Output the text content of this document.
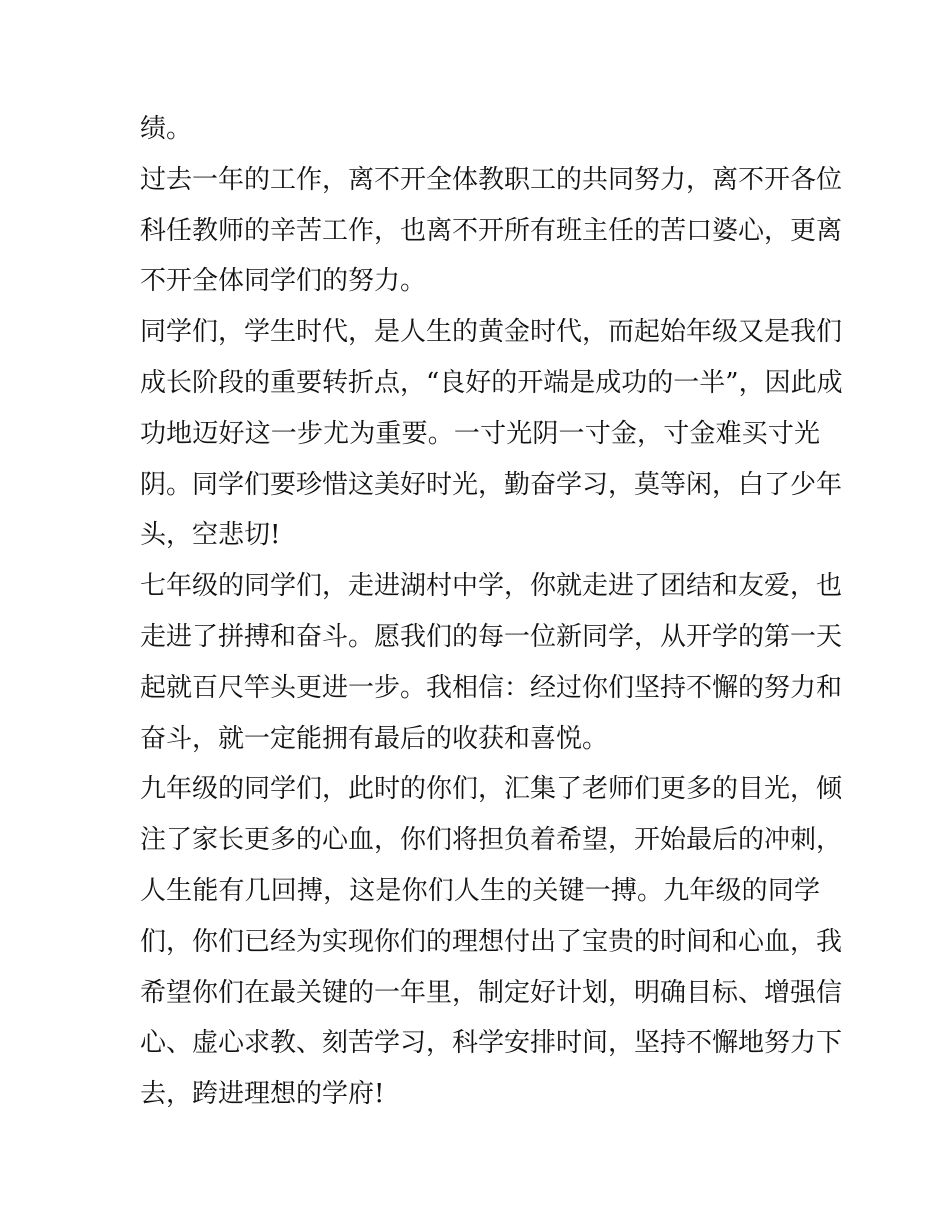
绩。
过去一年的工作，离不开全体教职工的共同努力，离不开各位
科任教师的辛苦工作，也离不开所有班主任的苦口婆心，更离
不开全体同学们的努力。
同学们，学生时代，是人生的黄金时代，而起始年级又是我们
成长阶段的重要转折点，“良好的开端是成功的一半”，因此成
功地迈好这一步尤为重要。一寸光阴一寸金，寸金难买寸光
阴。同学们要珍惜这美好时光，勤奋学习，莫等闲，白了少年
头，空悲切!
七年级的同学们，走进湖村中学，你就走进了团结和友爱，也
走进了拼搏和奋斗。愿我们的每一位新同学，从开学的第一天
起就百尺竿头更进一步。我相信：经过你们坚持不懈的努力和
奋斗，就一定能拥有最后的收获和喜悦。
九年级的同学们，此时的你们，汇集了老师们更多的目光，倾
注了家长更多的心血，你们将担负着希望，开始最后的冲刺，
人生能有几回搏，这是你们人生的关键一搏。九年级的同学
们，你们已经为实现你们的理想付出了宝贵的时间和心血，我
希望你们在最关键的一年里，制定好计划，明确目标、增强信
心、虚心求教、刻苦学习，科学安排时间，坚持不懈地努力下
去，跨进理想的学府!
